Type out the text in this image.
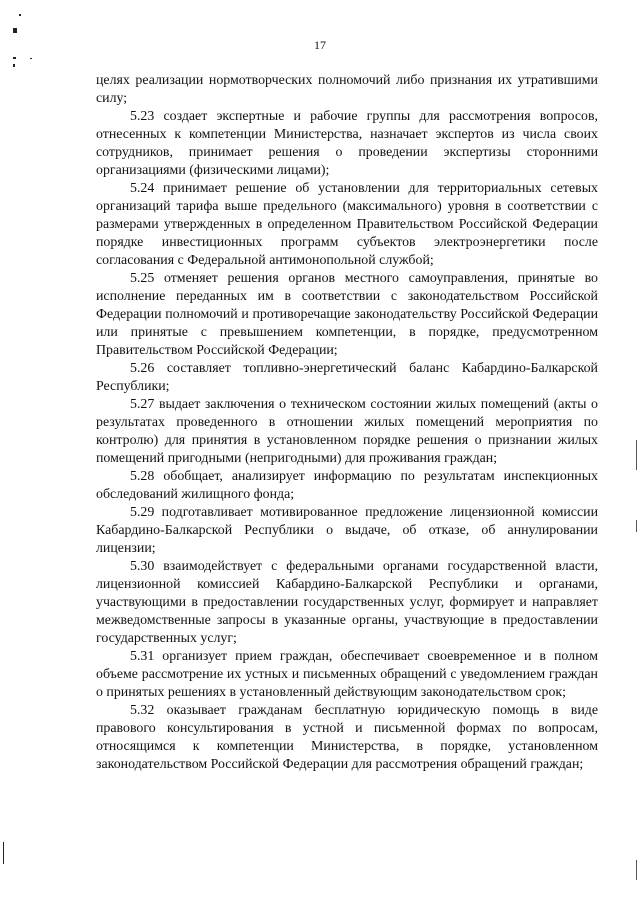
17

целях реализации нормотворческих полномочий либо признания их утратившими силу;

5.23 создает экспертные и рабочие группы для рассмотрения вопросов, отнесенных к компетенции Министерства, назначает экспертов из числа своих сотрудников, принимает решения о проведении экспертизы сторонними организациями (физическими лицами);

5.24 принимает решение об установлении для территориальных сетевых организаций тарифа выше предельного (максимального) уровня в соответствии с размерами утвержденных в определенном Правительством Российской Федерации порядке инвестиционных программ субъектов электроэнергетики после согласования с Федеральной антимонопольной службой;

5.25 отменяет решения органов местного самоуправления, принятые во исполнение переданных им в соответствии с законодательством Российской Федерации полномочий и противоречащие законодательству Российской Федерации или принятые с превышением компетенции, в порядке, предусмотренном Правительством Российской Федерации;

5.26 составляет топливно-энергетический баланс Кабардино-Балкарской Республики;

5.27 выдает заключения о техническом состоянии жилых помещений (акты о результатах проведенного в отношении жилых помещений мероприятия по контролю) для принятия в установленном порядке решения о признании жилых помещений пригодными (непригодными) для проживания граждан;

5.28 обобщает, анализирует информацию по результатам инспекционных обследований жилищного фонда;

5.29 подготавливает мотивированное предложение лицензионной комиссии Кабардино-Балкарской Республики о выдаче, об отказе, об аннулировании лицензии;

5.30 взаимодействует с федеральными органами государственной власти, лицензионной комиссией Кабардино-Балкарской Республики и органами, участвующими в предоставлении государственных услуг, формирует и направляет межведомственные запросы в указанные органы, участвующие в предоставлении государственных услуг;

5.31 организует прием граждан, обеспечивает своевременное и в полном объеме рассмотрение их устных и письменных обращений с уведомлением граждан о принятых решениях в установленный действующим законодательством срок;

5.32 оказывает гражданам бесплатную юридическую помощь в виде правового консультирования в устной и письменной формах по вопросам, относящимся к компетенции Министерства, в порядке, установленном законодательством Российской Федерации для рассмотрения обращений граждан;
